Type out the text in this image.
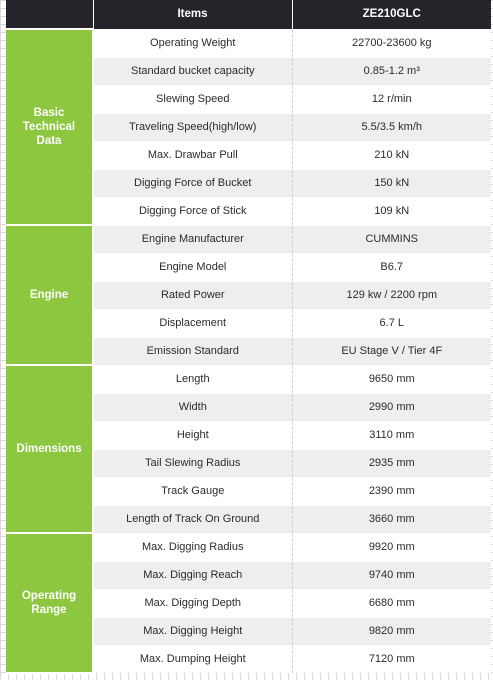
	Items	ZE210GLC
Basic
Technical
Data	Operating Weight	22700-23600 kg
	Standard bucket capacity	0.85-1.2 m³
	Slewing Speed	12 r/min
	Traveling Speed(high/low)	5.5/3.5 km/h
	Max. Drawbar Pull	210 kN
	Digging Force of Bucket	150 kN
	Digging Force of Stick	109 kN
Engine	Engine Manufacturer	CUMMINS
	Engine Model	B6.7
	Rated Power	129 kw / 2200 rpm
	Displacement	6.7 L
	Emission Standard	EU Stage V / Tier 4F
Dimensions	Length	9650 mm
	Width	2990 mm
	Height	3110 mm
	Tail Slewing Radius	2935 mm
	Track Gauge	2390 mm
	Length of Track On Ground	3660 mm
Operating
Range	Max. Digging Radius	9920 mm
	Max. Digging Reach	9740 mm
	Max. Digging Depth	6680 mm
	Max. Digging Height	9820 mm
	Max. Dumping Height	7120 mm
